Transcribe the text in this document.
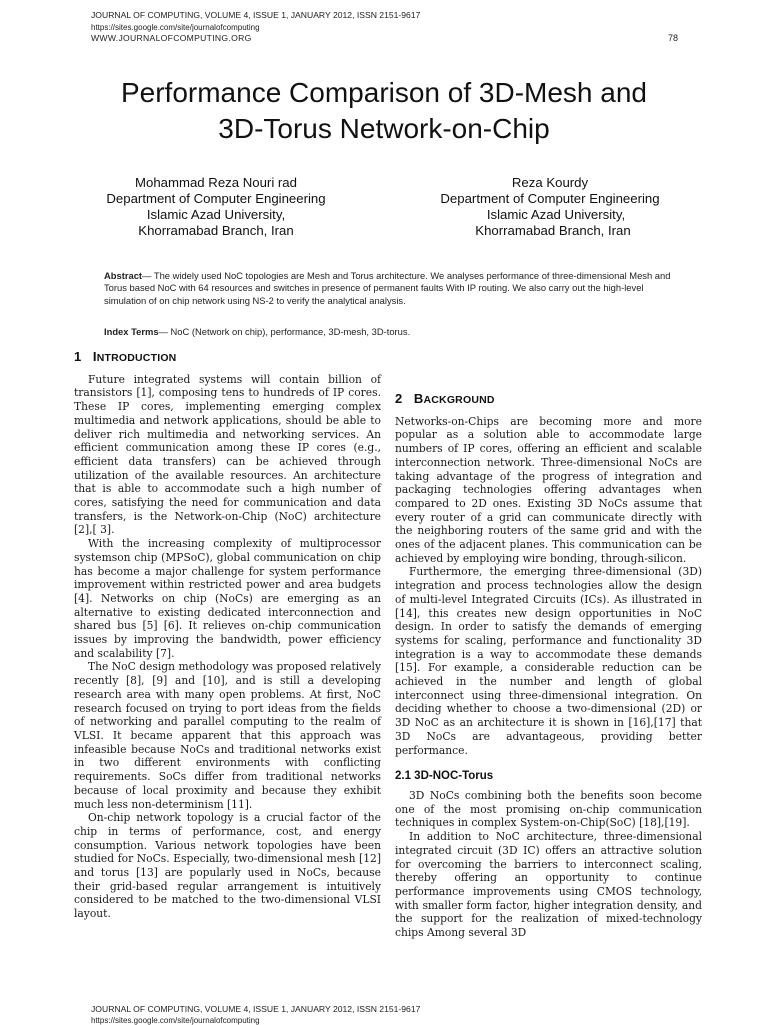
JOURNAL OF COMPUTING, VOLUME 4, ISSUE 1, JANUARY 2012, ISSN 2151-9617
https://sites.google.com/site/journalofcomputing
WWW.JOURNALOFCOMPUTING.ORG	78
Performance Comparison of 3D-Mesh and
3D-Torus Network-on-Chip
Mohammad Reza Nouri rad
Department of Computer Engineering
Islamic Azad University,
Khorramabad Branch, Iran
Reza Kourdy
Department of Computer Engineering
Islamic Azad University,
Khorramabad Branch, Iran
Abstract— The widely used NoC topologies are Mesh and Torus architecture. We analyses performance of three-dimensional Mesh and Torus based NoC with 64 resources and switches in presence of permanent faults With IP routing. We also carry out the high-level simulation of on chip network using NS-2 to verify the analytical analysis.
Index Terms— NoC (Network on chip), performance, 3D-mesh, 3D-torus.
1 INTRODUCTION

Future integrated systems will contain billion of transistors [1], composing tens to hundreds of IP cores. These IP cores, implementing emerging complex multimedia and network applications, should be able to deliver rich multimedia and networking services. An efficient communication among these IP cores (e.g., efficient data transfers) can be achieved through utilization of the available resources. An architecture that is able to accommodate such a high number of cores, satisfying the need for communication and data transfers, is the Network-on-Chip (NoC) architecture [2],[ 3].

With the increasing complexity of multiprocessor systemson chip (MPSoC), global communication on chip has become a major challenge for system performance improvement within restricted power and area budgets [4]. Networks on chip (NoCs) are emerging as an alternative to existing dedicated interconnection and shared bus [5] [6]. It relieves on-chip communication issues by improving the bandwidth, power efficiency and scalability [7].

The NoC design methodology was proposed relatively recently [8], [9] and [10], and is still a developing research area with many open problems. At first, NoC research focused on trying to port ideas from the fields of networking and parallel computing to the realm of VLSI. It became apparent that this approach was infeasible because NoCs and traditional networks exist in two different environments with conflicting requirements. SoCs differ from traditional networks because of local proximity and because they exhibit much less non-determinism [11].

On-chip network topology is a crucial factor of the chip in terms of performance, cost, and energy consumption. Various network topologies have been studied for NoCs. Especially, two-dimensional mesh [12] and torus [13] are popularly used in NoCs, because their grid-based regular arrangement is intuitively considered to be matched to the two-dimensional VLSI layout.

2 BACKGROUND

Networks-on-Chips are becoming more and more popular as a solution able to accommodate large numbers of IP cores, offering an efficient and scalable interconnection network. Three-dimensional NoCs are taking advantage of the progress of integration and packaging technologies offering advantages when compared to 2D ones. Existing 3D NoCs assume that every router of a grid can communicate directly with the neighboring routers of the same grid and with the ones of the adjacent planes. This communication can be achieved by employing wire bonding, through-silicon.

Furthermore, the emerging three-dimensional (3D) integration and process technologies allow the design of multi-level Integrated Circuits (ICs). As illustrated in [14], this creates new design opportunities in NoC design. In order to satisfy the demands of emerging systems for scaling, performance and functionality 3D integration is a way to accommodate these demands [15]. For example, a considerable reduction can be achieved in the number and length of global interconnect using three-dimensional integration. On deciding whether to choose a two-dimensional (2D) or 3D NoC as an architecture it is shown in [16],[17] that 3D NoCs are advantageous, providing better performance.

2.1 3D-NOC-Torus

3D NoCs combining both the benefits soon become one of the most promising on-chip communication techniques in complex System-on-Chip(SoC) [18],[19].

In addition to NoC architecture, three-dimensional integrated circuit (3D IC) offers an attractive solution for overcoming the barriers to interconnect scaling, thereby offering an opportunity to continue performance improvements using CMOS technology, with smaller form factor, higher integration density, and the support for the realization of mixed-technology chips Among several 3D

JOURNAL OF COMPUTING, VOLUME 4, ISSUE 1, JANUARY 2012, ISSN 2151-9617
https://sites.google.com/site/journalofcomputing
